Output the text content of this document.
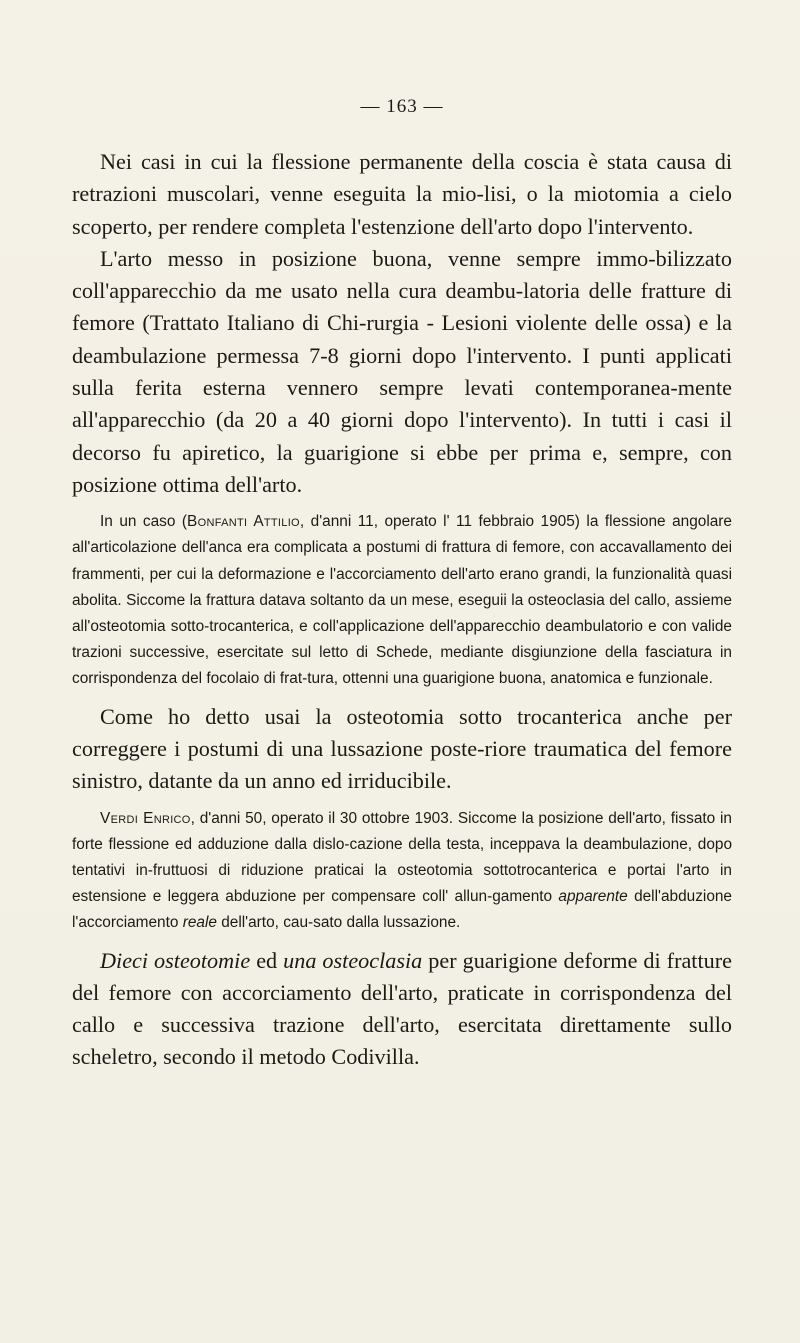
— 163 —

Nei casi in cui la flessione permanente della coscia è stata causa di retrazioni muscolari, venne eseguita la mio-lisi, o la miotomia a cielo scoperto, per rendere completa l'estenzione dell'arto dopo l'intervento.

L'arto messo in posizione buona, venne sempre immo-bilizzato coll'apparecchio da me usato nella cura deambu-latoria delle fratture di femore (Trattato Italiano di Chi-rurgia - Lesioni violente delle ossa) e la deambulazione permessa 7-8 giorni dopo l'intervento. I punti applicati sulla ferita esterna vennero sempre levati contemporanea-mente all'apparecchio (da 20 a 40 giorni dopo l'intervento). In tutti i casi il decorso fu apiretico, la guarigione si ebbe per prima e, sempre, con posizione ottima dell'arto.

In un caso (Bonfanti Attilio, d'anni 11, operato l' 11 febbraio 1905) la flessione angolare all'articolazione dell'anca era complicata a postumi di frattura di femore, con accavallamento dei frammenti, per cui la deformazione e l'accorciamento dell'arto erano grandi, la funzionalità quasi abolita. Siccome la frattura datava soltanto da un mese, eseguii la osteoclasia del callo, assieme all'osteotomia sotto-trocanterica, e coll'applicazione dell'apparecchio deambulatorio e con valide trazioni successive, esercitate sul letto di Schede, mediante disgiunzione della fasciatura in corrispondenza del focolaio di frat-tura, ottenni una guarigione buona, anatomica e funzionale.

Come ho detto usai la osteotomia sotto trocanterica anche per correggere i postumi di una lussazione poste-riore traumatica del femore sinistro, datante da un anno ed irriducibile.

Verdi Enrico, d'anni 50, operato il 30 ottobre 1903. Siccome la posizione dell'arto, fissato in forte flessione ed adduzione dalla dislo-cazione della testa, inceppava la deambulazione, dopo tentativi in-fruttuosi di riduzione praticai la osteotomia sottotrocanterica e portai l'arto in estensione e leggera abduzione per compensare coll' allun-gamento apparente dell'abduzione l'accorciamento reale dell'arto, cau-sato dalla lussazione.

Dieci osteotomie ed una osteoclasia per guarigione deforme di fratture del femore con accorciamento dell'arto, praticate in corrispondenza del callo e successiva trazione dell'arto, esercitata direttamente sullo scheletro, secondo il metodo Codivilla.
